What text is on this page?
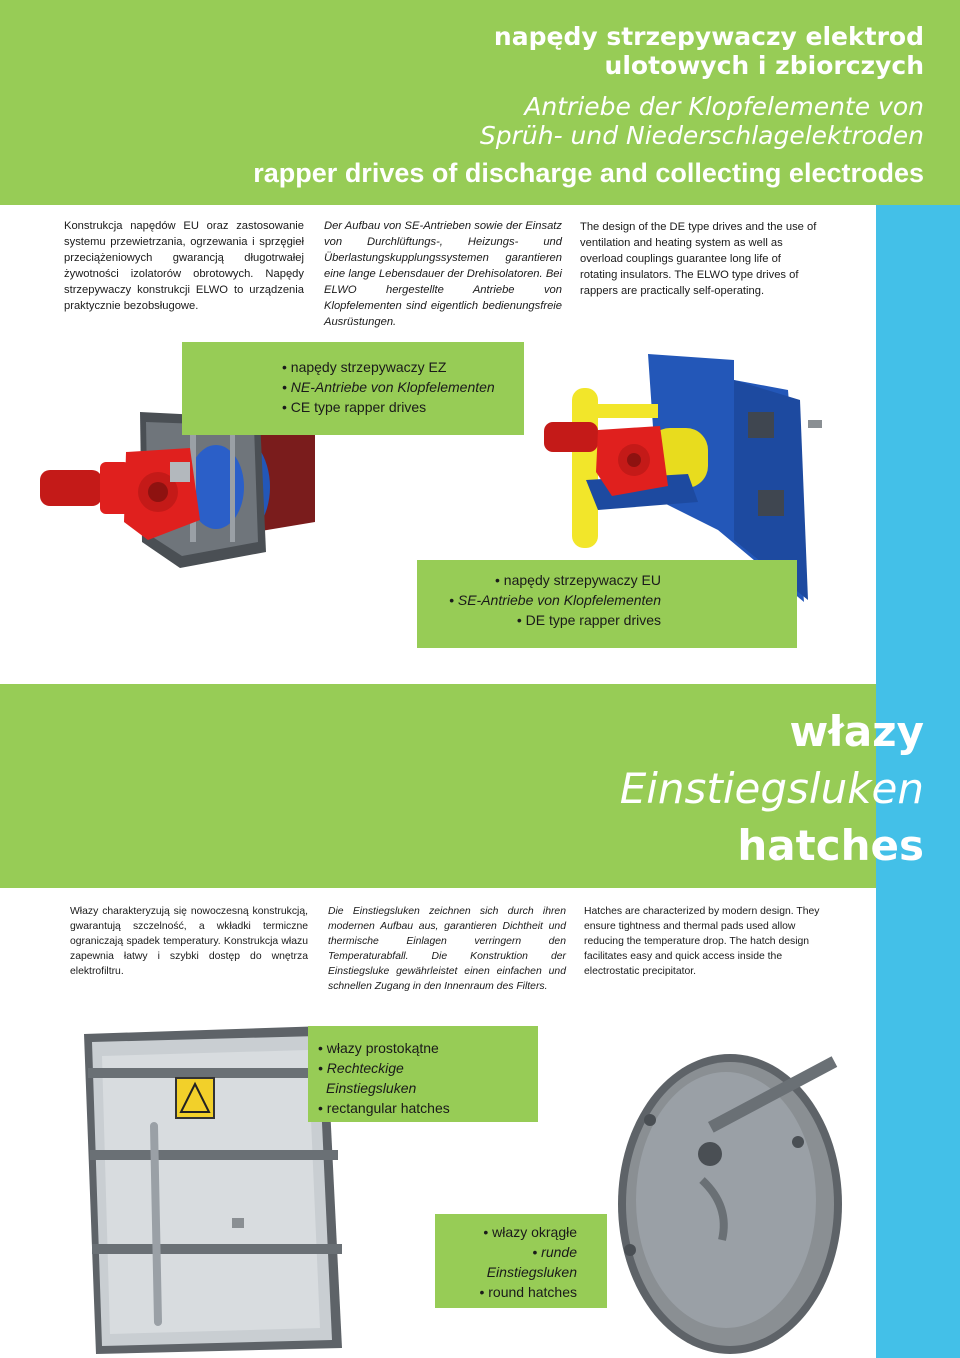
napędy strzepywaczy elektrod
ulotowych i zbiorczych
Antriebe der Klopfelemente von
Sprüh- und Niederschlagelektroden
rapper drives of discharge and collecting electrodes

Konstrukcja napędów EU oraz zastosowanie systemu przewietrzania, ogrzewania i sprzęgieł przeciążeniowych gwarancją długotrwałej żywotności izolatorów obrotowych. Napędy strzepywaczy konstrukcji ELWO to urządzenia praktycznie bezobsługowe.

Der Aufbau von SE-Antrieben sowie der Einsatz von Durchlüftungs-, Heizungs- und Überlastungskupplungssystemen garantieren eine lange Lebensdauer der Drehisolatoren. Bei ELWO hergestellte Antriebe von Klopfelementen sind eigentlich bedienungsfreie Ausrüstungen.

The design of the DE type drives and the use of ventilation and heating system as well as overload couplings guarantee long life of rotating insulators. The ELWO type drives of rappers are practically self-operating.

• napędy strzepywaczy EZ
• NE-Antriebe von Klopfelementen
• CE type rapper drives
• napędy strzepywaczy EU
• SE-Antriebe von Klopfelementen
• DE type rapper drives
włazy
Einstiegsluken
hatches

Włazy charakteryzują się nowoczesną konstrukcją, gwarantują szczelność, a wkładki termiczne ograniczają spadek temperatury. Konstrukcja włazu zapewnia łatwy i szybki dostęp do wnętrza elektrofiltru.

Die Einstiegsluken zeichnen sich durch ihren modernen Aufbau aus, garantieren Dichtheit und thermische Einlagen verringern den Temperaturabfall. Die Konstruktion der Einstiegsluke gewährleistet einen einfachen und schnellen Zugang in den Innenraum des Filters.

Hatches are characterized by modern design. They ensure tightness and thermal pads used allow reducing the temperature drop. The hatch design facilitates easy and quick access inside the electrostatic precipitator.

• włazy prostokątne
• Rechteckige
Einstiegsluken
• rectangular hatches
• włazy okrągłe
• runde
Einstiegsluken
• round hatches
